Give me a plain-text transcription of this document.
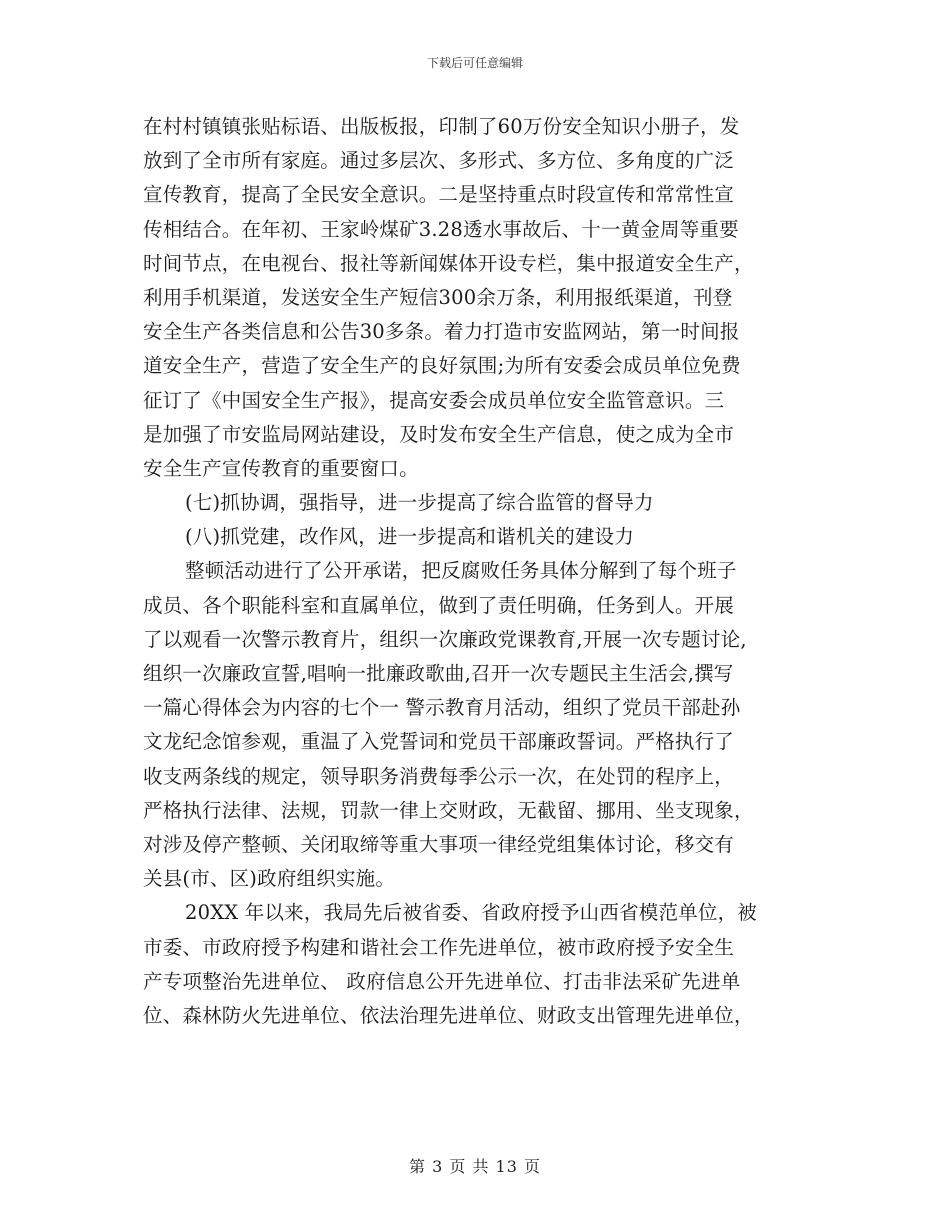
下载后可任意编辑
在村村镇镇张贴标语、出版板报，印制了60万份安全知识小册子，发
放到了全市所有家庭。通过多层次、多形式、多方位、多角度的广泛
宣传教育，提高了全民安全意识。二是坚持重点时段宣传和常常性宣
传相结合。在年初、王家岭煤矿3.28透水事故后、十一黄金周等重要
时间节点，在电视台、报社等新闻媒体开设专栏，集中报道安全生产，
利用手机渠道，发送安全生产短信300余万条，利用报纸渠道，刊登
安全生产各类信息和公告30多条。着力打造市安监网站，第一时间报
道安全生产，营造了安全生产的良好氛围;为所有安委会成员单位免费
征订了《中国安全生产报》，提高安委会成员单位安全监管意识。三
是加强了市安监局网站建设，及时发布安全生产信息，使之成为全市
安全生产宣传教育的重要窗口。
(七)抓协调，强指导，进一步提高了综合监管的督导力
(八)抓党建，改作风，进一步提高和谐机关的建设力
整顿活动进行了公开承诺，把反腐败任务具体分解到了每个班子
成员、各个职能科室和直属单位，做到了责任明确，任务到人。开展
了以观看一次警示教育片，组织一次廉政党课教育,开展一次专题讨论,
组织一次廉政宣誓,唱响一批廉政歌曲,召开一次专题民主生活会,撰写
一篇心得体会为内容的七个一 警示教育月活动，组织了党员干部赴孙
文龙纪念馆参观，重温了入党誓词和党员干部廉政誓词。严格执行了
收支两条线的规定，领导职务消费每季公示一次，在处罚的程序上，
严格执行法律、法规，罚款一律上交财政，无截留、挪用、坐支现象，
对涉及停产整顿、关闭取缔等重大事项一律经党组集体讨论，移交有
关县(市、区)政府组织实施。
20XX 年以来，我局先后被省委、省政府授予山西省模范单位，被
市委、市政府授予构建和谐社会工作先进单位，被市政府授予安全生
产专项整治先进单位、 政府信息公开先进单位、打击非法采矿先进单
位、森林防火先进单位、依法治理先进单位、财政支出管理先进单位，
第 3 页 共 13 页
